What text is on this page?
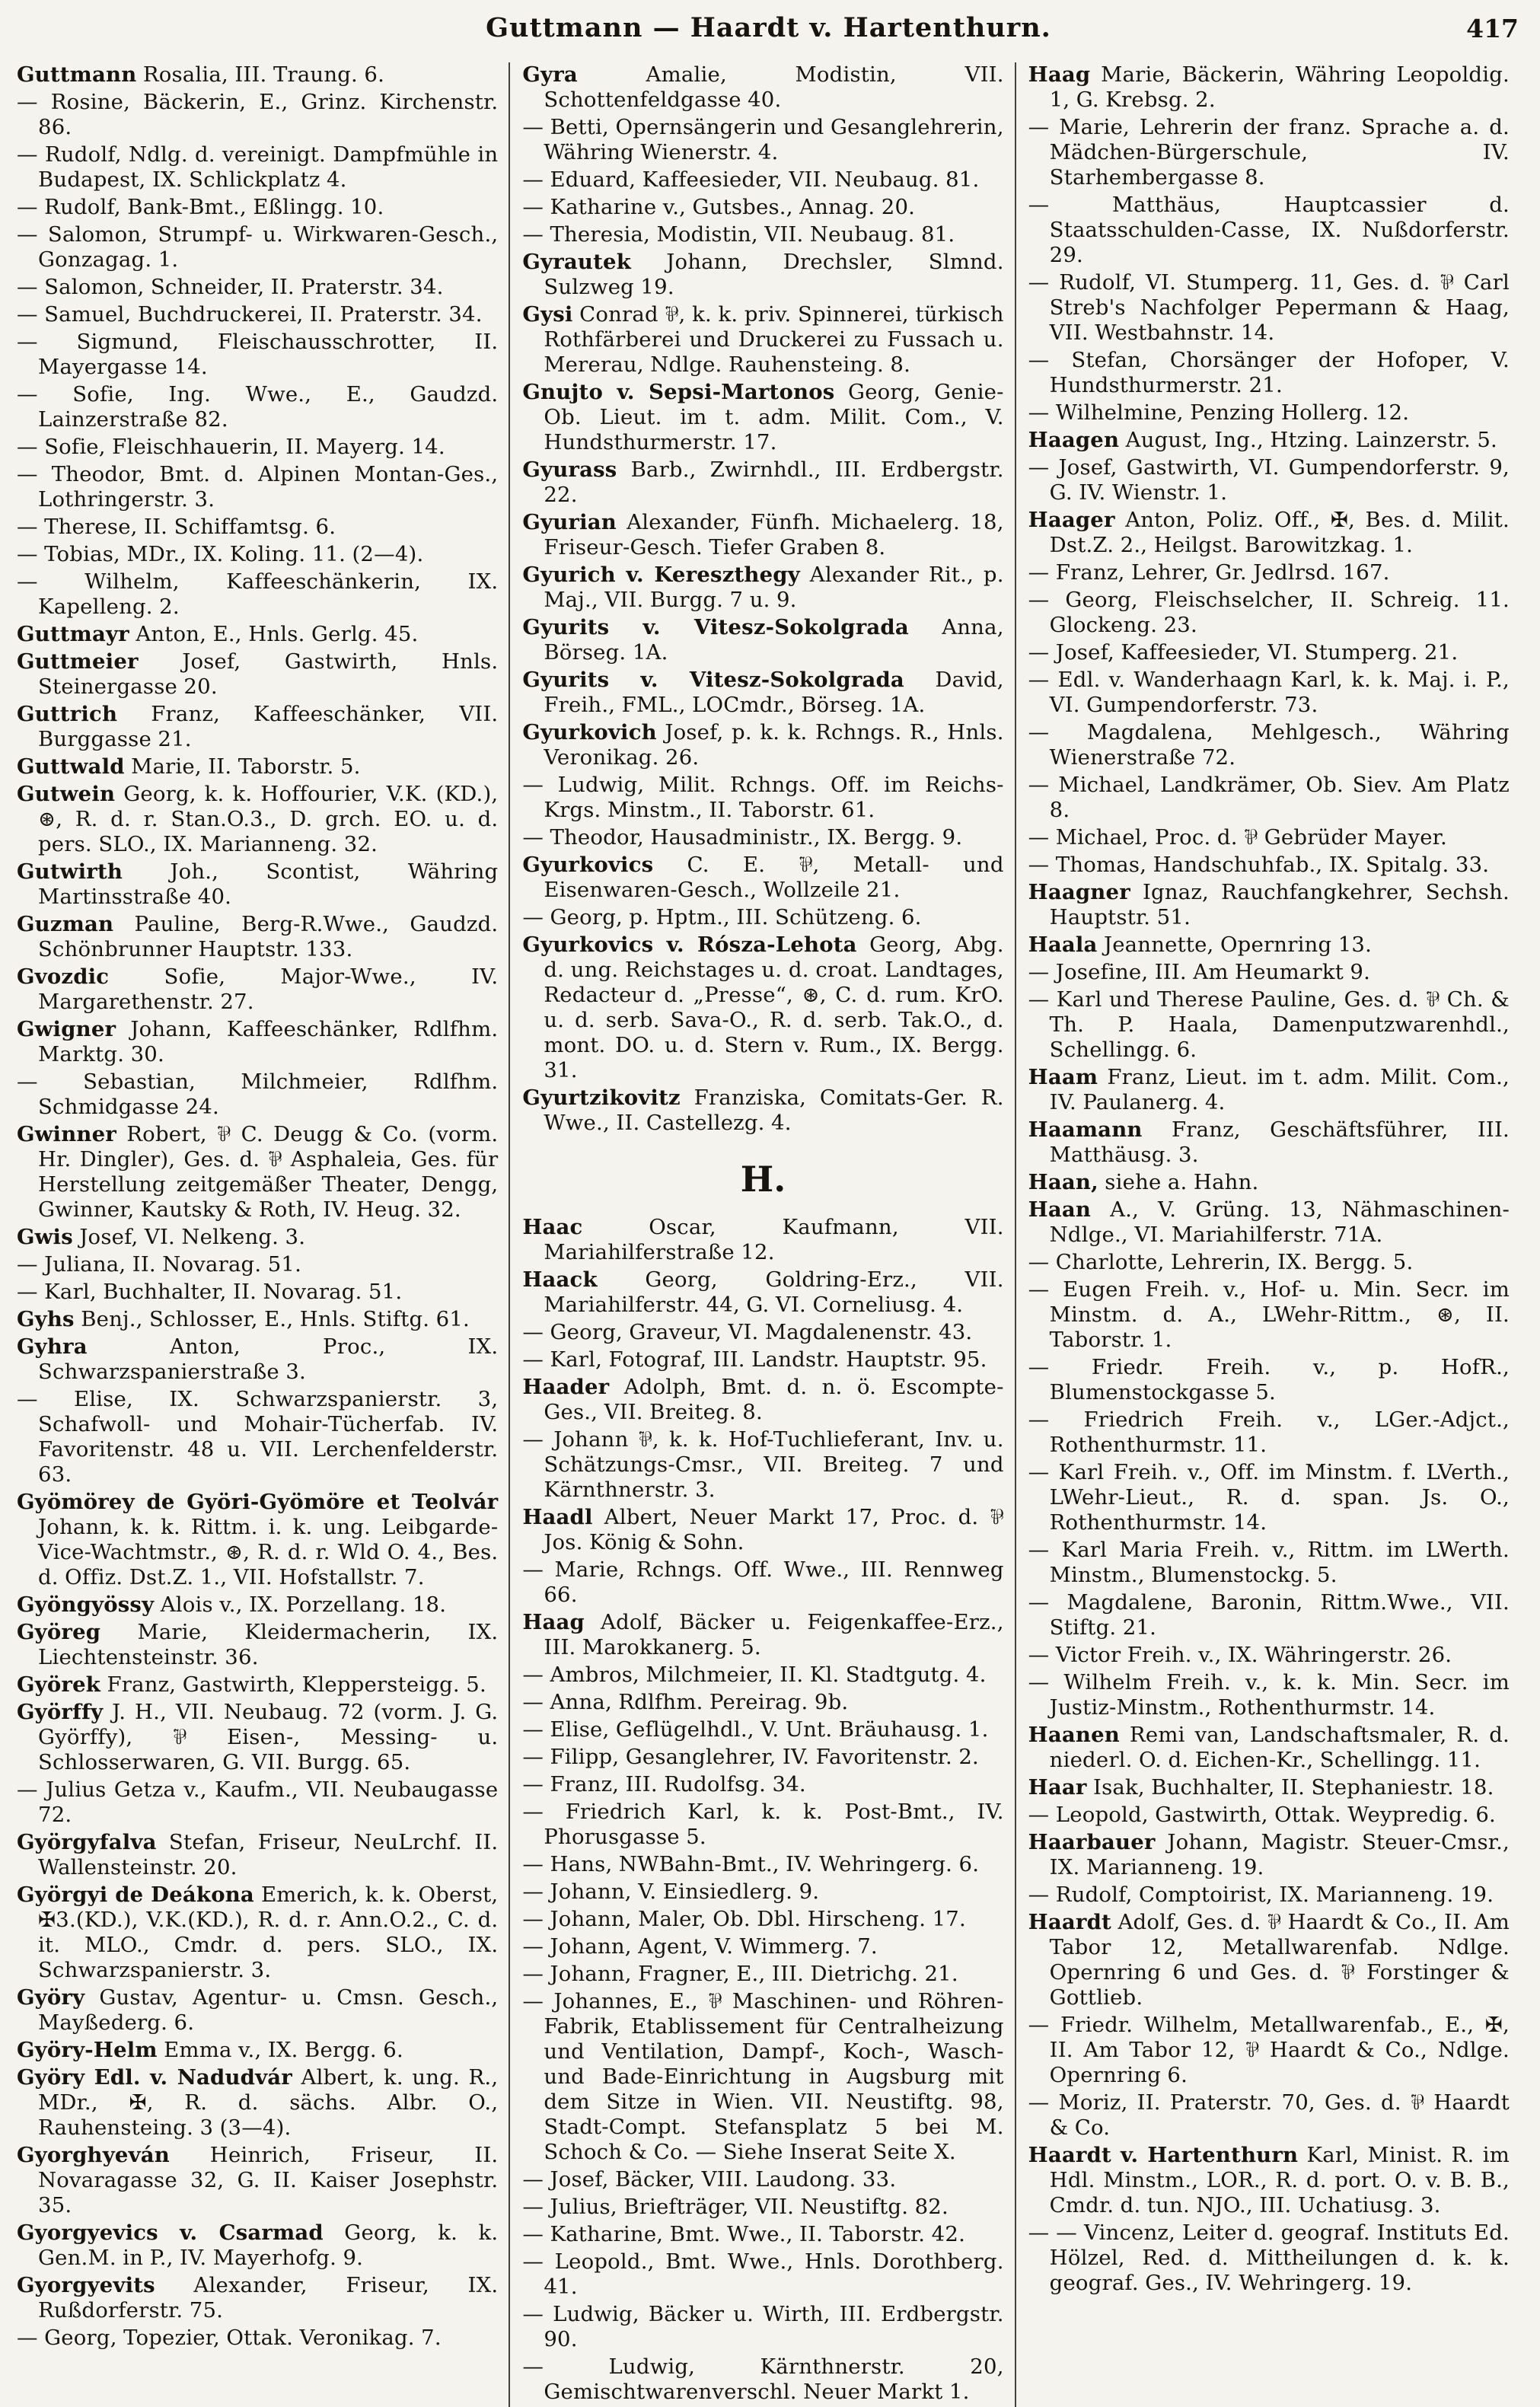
Guttmann — Haardt v. Hartenthurn.	417

Guttmann Rosalia, III. Traung. 6.

— Rosine, Bäckerin, E., Grinz. Kirchenstr. 86.

— Rudolf, Ndlg. d. vereinigt. Dampfmühle in Budapest, IX. Schlickplatz 4.

— Rudolf, Bank-Bmt., Eßlingg. 10.

— Salomon, Strumpf- u. Wirkwaren-Gesch., Gonzagag. 1.

— Salomon, Schneider, II. Praterstr. 34.

— Samuel, Buchdruckerei, II. Praterstr. 34.

— Sigmund, Fleischausschrotter, II. Mayergasse 14.

— Sofie, Ing. Wwe., E., Gaudzd. Lainzerstraße 82.

— Sofie, Fleischhauerin, II. Mayerg. 14.

— Theodor, Bmt. d. Alpinen Montan-Ges., Lothringerstr. 3.

— Therese, II. Schiffamtsg. 6.

— Tobias, MDr., IX. Koling. 11. (2—4).

— Wilhelm, Kaffeeschänkerin, IX. Kapelleng. 2.

Guttmayr Anton, E., Hnls. Gerlg. 45.

Guttmeier Josef, Gastwirth, Hnls. Steinergasse 20.

Guttrich Franz, Kaffeeschänker, VII. Burggasse 21.

Guttwald Marie, II. Taborstr. 5.

Gutwein Georg, k. k. Hoffourier, V.K. (KD.), ⊛, R. d. r. Stan.O.3., D. grch. EO. u. d. pers. SLO., IX. Marianneng. 32.

Gutwirth Joh., Scontist, Währing Martinsstraße 40.

Guzman Pauline, Berg-R.Wwe., Gaudzd. Schönbrunner Hauptstr. 133.

Gvozdic Sofie, Major-Wwe., IV. Margarethenstr. 27.

Gwigner Johann, Kaffeeschänker, Rdlfhm. Marktg. 30.

— Sebastian, Milchmeier, Rdlfhm. Schmidgasse 24.

Gwinner Robert, ⅌ C. Deugg & Co. (vorm. Hr. Dingler), Ges. d. ⅌ Asphaleia, Ges. für Herstellung zeitgemäßer Theater, Dengg, Gwinner, Kautsky & Roth, IV. Heug. 32.

Gwis Josef, VI. Nelkeng. 3.

— Juliana, II. Novarag. 51.

— Karl, Buchhalter, II. Novarag. 51.

Gyhs Benj., Schlosser, E., Hnls. Stiftg. 61.

Gyhra Anton, Proc., IX. Schwarzspanierstraße 3.

— Elise, IX. Schwarzspanierstr. 3, Schafwoll- und Mohair-Tücherfab. IV. Favoritenstr. 48 u. VII. Lerchenfelderstr. 63.

Gyömörey de Györi-Gyömöre et Teolvár Johann, k. k. Rittm. i. k. ung. Leibgarde-Vice-Wachtmstr., ⊛, R. d. r. Wld O. 4., Bes. d. Offiz. Dst.Z. 1., VII. Hofstallstr. 7.

Gyöngyössy Alois v., IX. Porzellang. 18.

Györeg Marie, Kleidermacherin, IX. Liechtensteinstr. 36.

Györek Franz, Gastwirth, Kleppersteigg. 5.

Györffy J. H., VII. Neubaug. 72 (vorm. J. G. Györffy), ⅌ Eisen-, Messing- u. Schlosserwaren, G. VII. Burgg. 65.

— Julius Getza v., Kaufm., VII. Neubaugasse 72.

Györgyfalva Stefan, Friseur, NeuLrchf. II. Wallensteinstr. 20.

Györgyi de Deákona Emerich, k. k. Oberst, ✠3.(KD.), V.K.(KD.), R. d. r. Ann.O.2., C. d. it. MLO., Cmdr. d. pers. SLO., IX. Schwarzspanierstr. 3.

Györy Gustav, Agentur- u. Cmsn. Gesch., Mayßederg. 6.

Györy-Helm Emma v., IX. Bergg. 6.

Györy Edl. v. Nadudvár Albert, k. ung. R., MDr., ✠, R. d. sächs. Albr. O., Rauhensteing. 3 (3—4).

Gyorghyeván Heinrich, Friseur, II. Novaragasse 32, G. II. Kaiser Josephstr. 35.

Gyorgyevics v. Csarmad Georg, k. k. Gen.M. in P., IV. Mayerhofg. 9.

Gyorgyevits Alexander, Friseur, IX. Rußdorferstr. 75.

— Georg, Topezier, Ottak. Veronikag. 7.

Gyra Amalie, Modistin, VII. Schottenfeldgasse 40.

— Betti, Opernsängerin und Gesanglehrerin, Währing Wienerstr. 4.

— Eduard, Kaffeesieder, VII. Neubaug. 81.

— Katharine v., Gutsbes., Annag. 20.

— Theresia, Modistin, VII. Neubaug. 81.

Gyrautek Johann, Drechsler, Slmnd. Sulzweg 19.

Gysi Conrad ⅌, k. k. priv. Spinnerei, türkisch Rothfärberei und Druckerei zu Fussach u. Mererau, Ndlge. Rauhensteing. 8.

Gnujto v. Sepsi-Martonos Georg, Genie-Ob. Lieut. im t. adm. Milit. Com., V. Hundsthurmerstr. 17.

Gyurass Barb., Zwirnhdl., III. Erdbergstr. 22.

Gyurian Alexander, Fünfh. Michaelerg. 18, Friseur-Gesch. Tiefer Graben 8.

Gyurich v. Kereszthegy Alexander Rit., p. Maj., VII. Burgg. 7 u. 9.

Gyurits v. Vitesz-Sokolgrada Anna, Börseg. 1A.

Gyurits v. Vitesz-Sokolgrada David, Freih., FML., LOCmdr., Börseg. 1A.

Gyurkovich Josef, p. k. k. Rchngs. R., Hnls. Veronikag. 26.

— Ludwig, Milit. Rchngs. Off. im Reichs-Krgs. Minstm., II. Taborstr. 61.

— Theodor, Hausadministr., IX. Bergg. 9.

Gyurkovics C. E. ⅌, Metall- und Eisenwaren-Gesch., Wollzeile 21.

— Georg, p. Hptm., III. Schützeng. 6.

Gyurkovics v. Rósza-Lehota Georg, Abg. d. ung. Reichstages u. d. croat. Landtages, Redacteur d. „Presse“, ⊛, C. d. rum. KrO. u. d. serb. Sava-O., R. d. serb. Tak.O., d. mont. DO. u. d. Stern v. Rum., IX. Bergg. 31.

Gyurtzikovitz Franziska, Comitats-Ger. R. Wwe., II. Castellezg. 4.

H.

Haac Oscar, Kaufmann, VII. Mariahilferstraße 12.

Haack Georg, Goldring-Erz., VII. Mariahilferstr. 44, G. VI. Corneliusg. 4.

— Georg, Graveur, VI. Magdalenenstr. 43.

— Karl, Fotograf, III. Landstr. Hauptstr. 95.

Haader Adolph, Bmt. d. n. ö. Escompte-Ges., VII. Breiteg. 8.

— Johann ⅌, k. k. Hof-Tuchlieferant, Inv. u. Schätzungs-Cmsr., VII. Breiteg. 7 und Kärnthnerstr. 3.

Haadl Albert, Neuer Markt 17, Proc. d. ⅌ Jos. König & Sohn.

— Marie, Rchngs. Off. Wwe., III. Rennweg 66.

Haag Adolf, Bäcker u. Feigenkaffee-Erz., III. Marokkanerg. 5.

— Ambros, Milchmeier, II. Kl. Stadtgutg. 4.

— Anna, Rdlfhm. Pereirag. 9b.

— Elise, Geflügelhdl., V. Unt. Bräuhausg. 1.

— Filipp, Gesanglehrer, IV. Favoritenstr. 2.

— Franz, III. Rudolfsg. 34.

— Friedrich Karl, k. k. Post-Bmt., IV. Phorusgasse 5.

— Hans, NWBahn-Bmt., IV. Wehringerg. 6.

— Johann, V. Einsiedlerg. 9.

— Johann, Maler, Ob. Dbl. Hirscheng. 17.

— Johann, Agent, V. Wimmerg. 7.

— Johann, Fragner, E., III. Dietrichg. 21.

— Johannes, E., ⅌ Maschinen- und Röhren-Fabrik, Etablissement für Centralheizung und Ventilation, Dampf-, Koch-, Wasch- und Bade-Einrichtung in Augsburg mit dem Sitze in Wien. VII. Neustiftg. 98, Stadt-Compt. Stefansplatz 5 bei M. Schoch & Co. — Siehe Inserat Seite X.

— Josef, Bäcker, VIII. Laudong. 33.

— Julius, Briefträger, VII. Neustiftg. 82.

— Katharine, Bmt. Wwe., II. Taborstr. 42.

— Leopold., Bmt. Wwe., Hnls. Dorothberg. 41.

— Ludwig, Bäcker u. Wirth, III. Erdbergstr. 90.

— Ludwig, Kärnthnerstr. 20, Gemischtwarenverschl. Neuer Markt 1.

Haag Marie, Bäckerin, Währing Leopoldig. 1, G. Krebsg. 2.

— Marie, Lehrerin der franz. Sprache a. d. Mädchen-Bürgerschule, IV. Starhembergasse 8.

— Matthäus, Hauptcassier d. Staatsschulden-Casse, IX. Nußdorferstr. 29.

— Rudolf, VI. Stumperg. 11, Ges. d. ⅌ Carl Streb's Nachfolger Pepermann & Haag, VII. Westbahnstr. 14.

— Stefan, Chorsänger der Hofoper, V. Hundsthurmerstr. 21.

— Wilhelmine, Penzing Hollerg. 12.

Haagen August, Ing., Htzing. Lainzerstr. 5.

— Josef, Gastwirth, VI. Gumpendorferstr. 9, G. IV. Wienstr. 1.

Haager Anton, Poliz. Off., ✠, Bes. d. Milit. Dst.Z. 2., Heilgst. Barowitzkag. 1.

— Franz, Lehrer, Gr. Jedlrsd. 167.

— Georg, Fleischselcher, II. Schreig. 11. Glockeng. 23.

— Josef, Kaffeesieder, VI. Stumperg. 21.

— Edl. v. Wanderhaagn Karl, k. k. Maj. i. P., VI. Gumpendorferstr. 73.

— Magdalena, Mehlgesch., Währing Wienerstraße 72.

— Michael, Landkrämer, Ob. Siev. Am Platz 8.

— Michael, Proc. d. ⅌ Gebrüder Mayer.

— Thomas, Handschuhfab., IX. Spitalg. 33.

Haagner Ignaz, Rauchfangkehrer, Sechsh. Hauptstr. 51.

Haala Jeannette, Opernring 13.

— Josefine, III. Am Heumarkt 9.

— Karl und Therese Pauline, Ges. d. ⅌ Ch. & Th. P. Haala, Damenputzwarenhdl., Schellingg. 6.

Haam Franz, Lieut. im t. adm. Milit. Com., IV. Paulanerg. 4.

Haamann Franz, Geschäftsführer, III. Matthäusg. 3.

Haan, siehe a. Hahn.

Haan A., V. Grüng. 13, Nähmaschinen-Ndlge., VI. Mariahilferstr. 71A.

— Charlotte, Lehrerin, IX. Bergg. 5.

— Eugen Freih. v., Hof- u. Min. Secr. im Minstm. d. A., LWehr-Rittm., ⊛, II. Taborstr. 1.

— Friedr. Freih. v., p. HofR., Blumenstockgasse 5.

— Friedrich Freih. v., LGer.-Adjct., Rothenthurmstr. 11.

— Karl Freih. v., Off. im Minstm. f. LVerth., LWehr-Lieut., R. d. span. Js. O., Rothenthurmstr. 14.

— Karl Maria Freih. v., Rittm. im LWerth. Minstm., Blumenstockg. 5.

— Magdalene, Baronin, Rittm.Wwe., VII. Stiftg. 21.

— Victor Freih. v., IX. Währingerstr. 26.

— Wilhelm Freih. v., k. k. Min. Secr. im Justiz-Minstm., Rothenthurmstr. 14.

Haanen Remi van, Landschaftsmaler, R. d. niederl. O. d. Eichen-Kr., Schellingg. 11.

Haar Isak, Buchhalter, II. Stephaniestr. 18.

— Leopold, Gastwirth, Ottak. Weypredig. 6.

Haarbauer Johann, Magistr. Steuer-Cmsr., IX. Marianneng. 19.

— Rudolf, Comptoirist, IX. Marianneng. 19.

Haardt Adolf, Ges. d. ⅌ Haardt & Co., II. Am Tabor 12, Metallwarenfab. Ndlge. Opernring 6 und Ges. d. ⅌ Forstinger & Gottlieb.

— Friedr. Wilhelm, Metallwarenfab., E., ✠, II. Am Tabor 12, ⅌ Haardt & Co., Ndlge. Opernring 6.

— Moriz, II. Praterstr. 70, Ges. d. ⅌ Haardt & Co.

Haardt v. Hartenthurn Karl, Minist. R. im Hdl. Minstm., LOR., R. d. port. O. v. B. B., Cmdr. d. tun. NJO., III. Uchatiusg. 3.

— — Vincenz, Leiter d. geograf. Instituts Ed. Hölzel, Red. d. Mittheilungen d. k. k. geograf. Ges., IV. Wehringerg. 19.
